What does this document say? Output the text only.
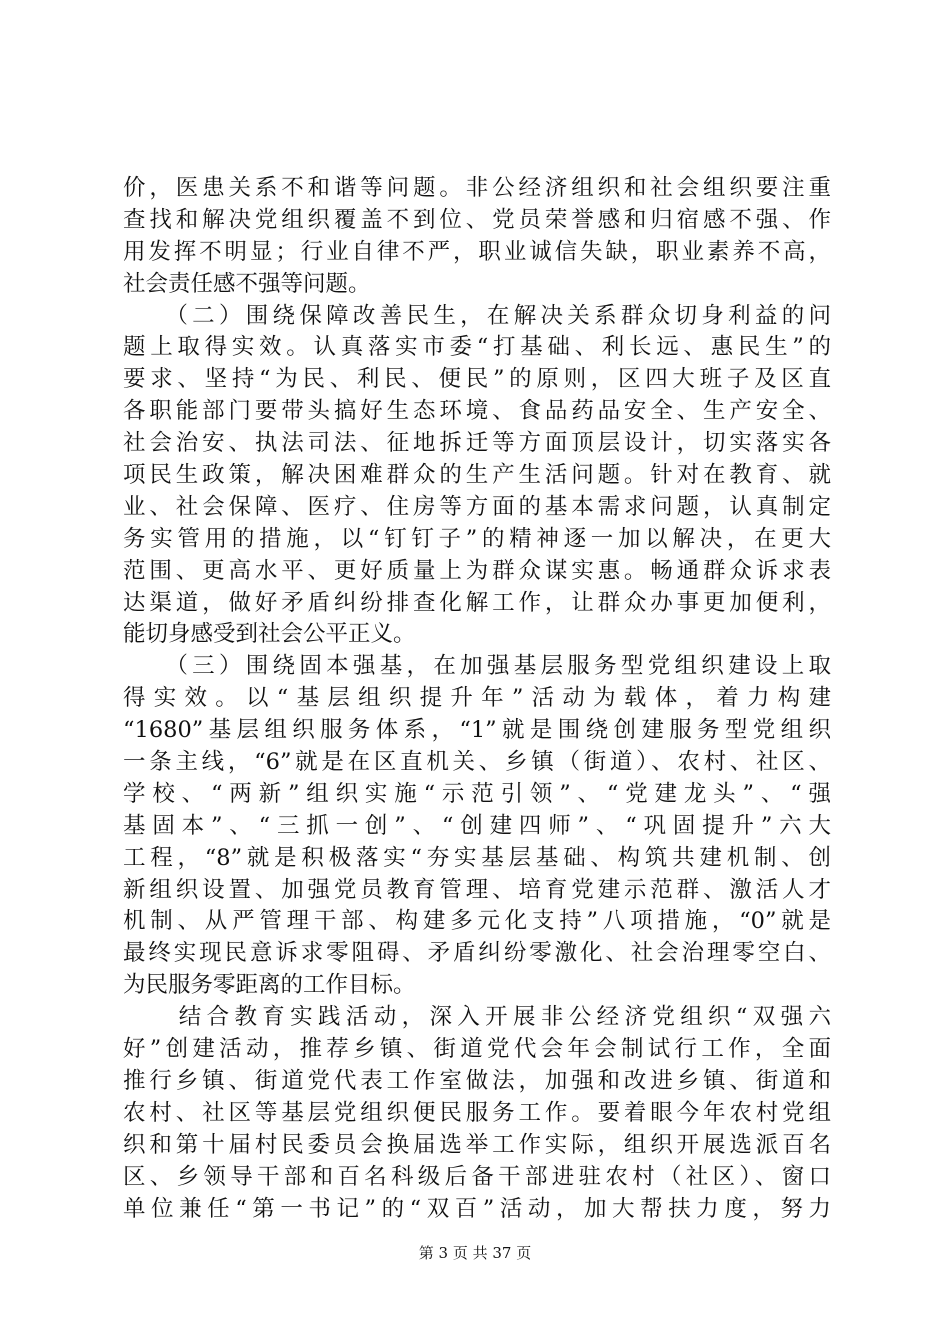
价，医患关系不和谐等问题。非公经济组织和社会组织要注重
查找和解决党组织覆盖不到位、党员荣誉感和归宿感不强、作
用发挥不明显；行业自律不严，职业诚信失缺，职业素养不高，
社会责任感不强等问题。
　　（二）围绕保障改善民生，在解决关系群众切身利益的问
题上取得实效。认真落实市委“打基础、利长远、惠民生”的
要求、坚持“为民、利民、便民”的原则，区四大班子及区直
各职能部门要带头搞好生态环境、食品药品安全、生产安全、
社会治安、执法司法、征地拆迁等方面顶层设计，切实落实各
项民生政策，解决困难群众的生产生活问题。针对在教育、就
业、社会保障、医疗、住房等方面的基本需求问题，认真制定
务实管用的措施，以“钉钉子”的精神逐一加以解决，在更大
范围、更高水平、更好质量上为群众谋实惠。畅通群众诉求表
达渠道，做好矛盾纠纷排查化解工作，让群众办事更加便利，
能切身感受到社会公平正义。
　　（三）围绕固本强基，在加强基层服务型党组织建设上取
得实效。以“基层组织提升年”活动为载体，着力构建
“1680”基层组织服务体系，“1”就是围绕创建服务型党组织
一条主线，“6”就是在区直机关、乡镇（街道）、农村、社区、
学校、“两新”组织实施“示范引领”、“党建龙头”、“强
基固本”、“三抓一创”、“创建四师”、“巩固提升”六大
工程，“8”就是积极落实“夯实基层基础、构筑共建机制、创
新组织设置、加强党员教育管理、培育党建示范群、激活人才
机制、从严管理干部、构建多元化支持”八项措施，“0”就是
最终实现民意诉求零阻碍、矛盾纠纷零激化、社会治理零空白、
为民服务零距离的工作目标。
　　结合教育实践活动，深入开展非公经济党组织“双强六
好”创建活动，推荐乡镇、街道党代会年会制试行工作，全面
推行乡镇、街道党代表工作室做法，加强和改进乡镇、街道和
农村、社区等基层党组织便民服务工作。要着眼今年农村党组
织和第十届村民委员会换届选举工作实际，组织开展选派百名
区、乡领导干部和百名科级后备干部进驻农村（社区）、窗口
单位兼任“第一书记”的“双百”活动，加大帮扶力度，努力
第 3 页 共 37 页
